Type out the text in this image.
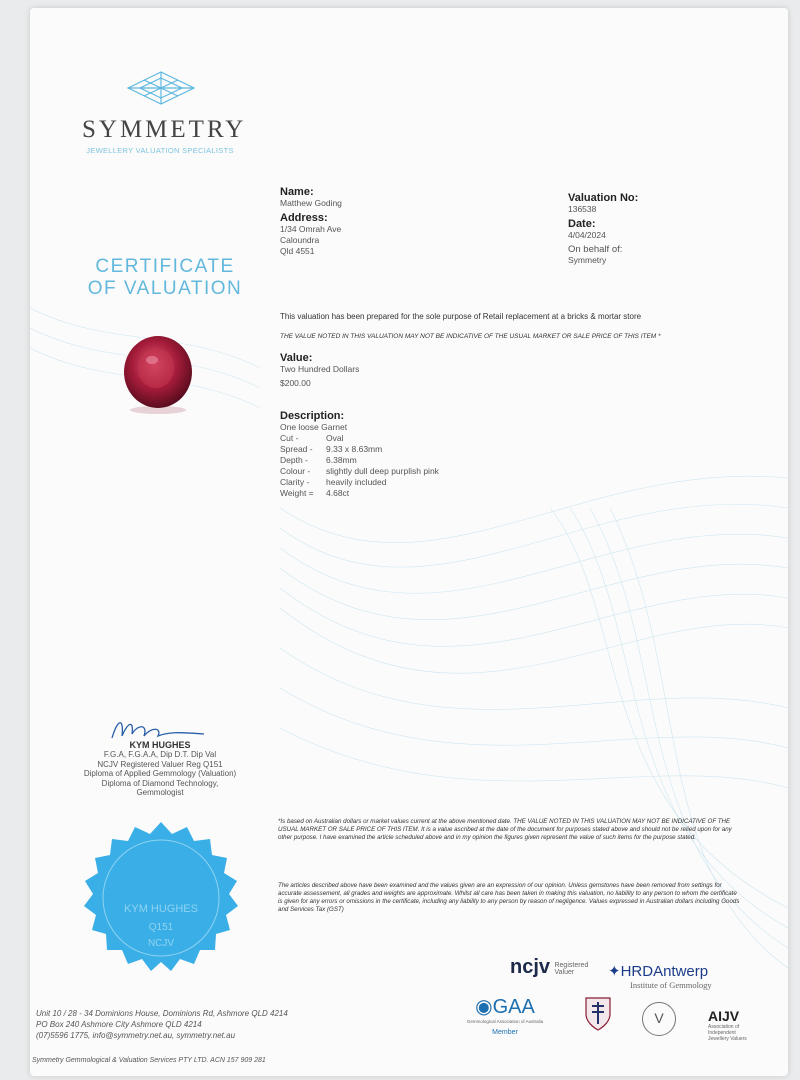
SYMMETRY
JEWELLERY VALUATION SPECIALISTS
CERTIFICATE
OF VALUATION
Name:
Matthew Goding
Address:

1/34 Omrah Ave

Caloundra

Qld 4551

Valuation No:
136538
Date:
4/04/2024
On behalf of:
Symmetry
This valuation has been prepared for the sole purpose of Retail replacement at a bricks & mortar store
THE VALUE NOTED IN THIS VALUATION MAY NOT BE INDICATIVE OF THE USUAL MARKET OR SALE PRICE OF THIS ITEM *
Value:
Two Hundred Dollars
$200.00
Description:
One loose Garnet
Cut -	Oval
Spread -	9.33 x 8.63mm
Depth -	6.38mm
Colour -	slightly dull deep purplish pink
Clarity -	heavily included
Weight =	4.68ct
KYM HUGHES
F.G.A, F.G.A.A, Dip D.T. Dip Val
NCJV Registered Valuer Reg Q151
Diploma of Applied Gemmology (Valuation)
Diploma of Diamond Technology,
Gemmologist
KYM HUGHES
Q151
NCJV
*Is based on Australian dollars or market values current at the above mentioned date. THE VALUE NOTED IN THIS VALUATION MAY NOT BE INDICATIVE OF THE USUAL MARKET OR SALE PRICE OF THIS ITEM. It is a value ascribed at the date of the document for purposes stated above and should not be relied upon for any other purpose. I have examined the article scheduled above and in my opinion the figures given represent the value of such items for the purpose stated.
The articles described above have been examined and the values given are an expression of our opinion. Unless gemstones have been removed from settings for accurate assessement, all grades and weights are approximate. Whilst all care has been taken in making this valuation, no liability to any person to whom the certificate is given for any errors or omissions in the certificate, including any liability to any person by reason of negligence. Values expressed in Australian dollars including Goods and Services Tax (GST)
ncjv Registered
Valuer	✦HRDAntwerp
Institute of Gemmology
◉GAA
Gemmological Association of Australia
Member
V	AIJV
Association of
Independent
Jewellery Valuers
Unit 10 / 28 - 34 Dominions House, Dominions Rd, Ashmore QLD 4214
PO Box 240 Ashmore City Ashmore QLD 4214
(07)5596 1775, info@symmetry.net.au, symmetry.net.au
Symmetry Gemmological & Valuation Services PTY LTD. ACN 157 909 281
